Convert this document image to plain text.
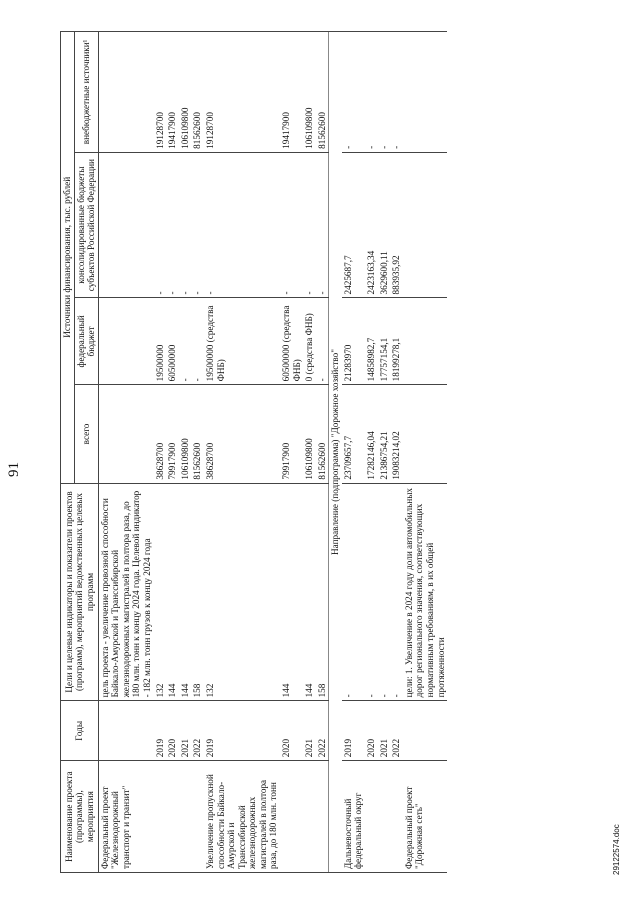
91
Наименование проекта (программы), мероприятия	Годы	Цели и целевые индикаторы и показатели проектов (программ), мероприятий ведомственных целевых программ	Источники финансирования, тыс. рублей			
			всего	федеральный бюджет	консолидированные бюджеты субъектов Российской Федерации	внебюджетные источники¹
Федеральный проект "Железнодорожный транспорт и транзит"		цель проекта - увеличение провозной способности Байкало-Амурской и Транссибирской железнодорожных магистралей в полтора раза, до 180 млн. тонн к концу 2024 года. Целевой индикатор - 182 млн. тонн грузов к концу 2024 года				
	2019	132	38628700	19500000	-	19128700
	2020	144	79917900	60500000	-	19417900
	2021	144	106109800	-	-	106109800
	2022	158	81562600	-	-	81562600
Увеличение пропускной способности Байкало-Амурской и Транссибирской железнодорожных магистралей в полтора раза, до 180 млн. тонн	2019	132	38628700	19500000 (средства ФНБ)	-	19128700
	2020	144	79917900	60500000 (средства ФНБ)	-	19417900
	2021	144	106109800	0 (средства ФНБ)	-	106109800
	2022	158	81562600	-	-	81562600
Направление (подпрограмма) "Дорожное хозяйство"						
Дальневосточный федеральный округ	2019	-	23709657,7	21283970	2425687,7	-
	2020	-	17282146,04	14858982,7	2423163,34	-
	2021	-	21386754,21	17757154,1	3629600,11	-
	2022	-	19083214,02	18199278,1	883935,92	-
Федеральный проект "Дорожная сеть"		цели: 1. Увеличение в 2024 году доли автомобильных дорог регионального значения, соответствующих нормативным требованиям, в их общей протяженности				
29122574.doc
